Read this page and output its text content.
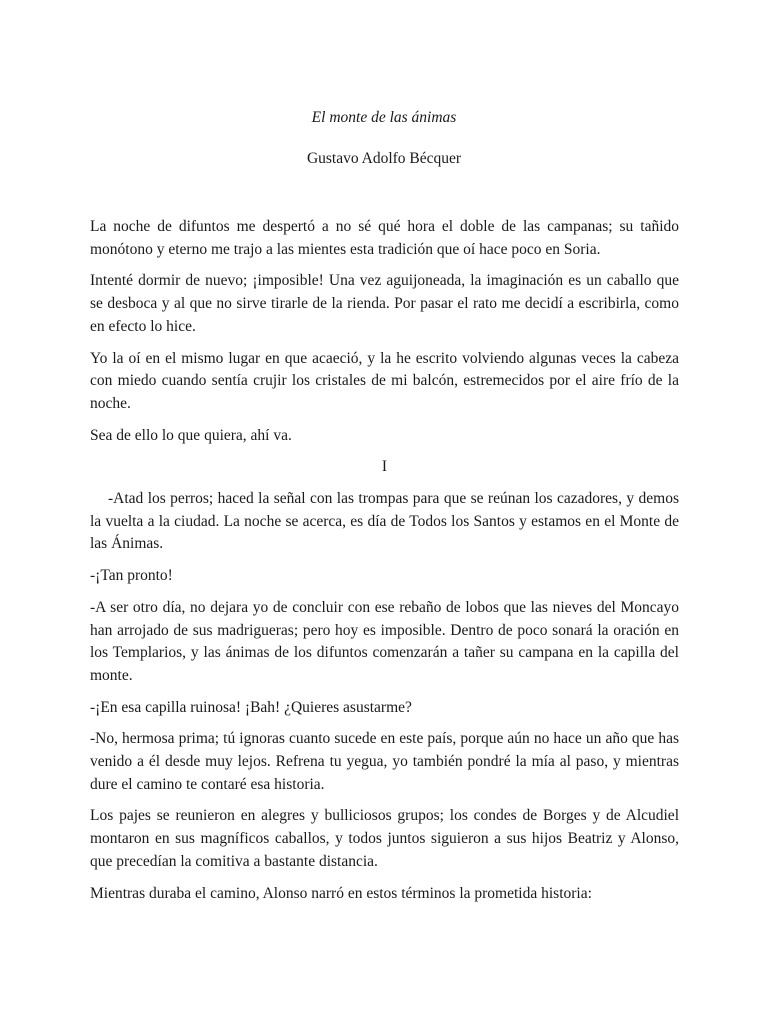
El monte de las ánimas
Gustavo Adolfo Bécquer

La noche de difuntos me despertó a no sé qué hora el doble de las campanas; su tañido monótono y eterno me trajo a las mientes esta tradición que oí hace poco en Soria.

Intenté dormir de nuevo; ¡imposible! Una vez aguijoneada, la imaginación es un caballo que se desboca y al que no sirve tirarle de la rienda. Por pasar el rato me decidí a escribirla, como en efecto lo hice.

Yo la oí en el mismo lugar en que acaeció, y la he escrito volviendo algunas veces la cabeza con miedo cuando sentía crujir los cristales de mi balcón, estremecidos por el aire frío de la noche.

Sea de ello lo que quiera, ahí va.

I

-Atad los perros; haced la señal con las trompas para que se reúnan los cazadores, y demos la vuelta a la ciudad. La noche se acerca, es día de Todos los Santos y estamos en el Monte de las Ánimas.

-¡Tan pronto!

-A ser otro día, no dejara yo de concluir con ese rebaño de lobos que las nieves del Moncayo han arrojado de sus madrigueras; pero hoy es imposible. Dentro de poco sonará la oración en los Templarios, y las ánimas de los difuntos comenzarán a tañer su campana en la capilla del monte.

-¡En esa capilla ruinosa! ¡Bah! ¿Quieres asustarme?

-No, hermosa prima; tú ignoras cuanto sucede en este país, porque aún no hace un año que has venido a él desde muy lejos. Refrena tu yegua, yo también pondré la mía al paso, y mientras dure el camino te contaré esa historia.

Los pajes se reunieron en alegres y bulliciosos grupos; los condes de Borges y de Alcudiel montaron en sus magníficos caballos, y todos juntos siguieron a sus hijos Beatriz y Alonso, que precedían la comitiva a bastante distancia.

Mientras duraba el camino, Alonso narró en estos términos la prometida historia:
